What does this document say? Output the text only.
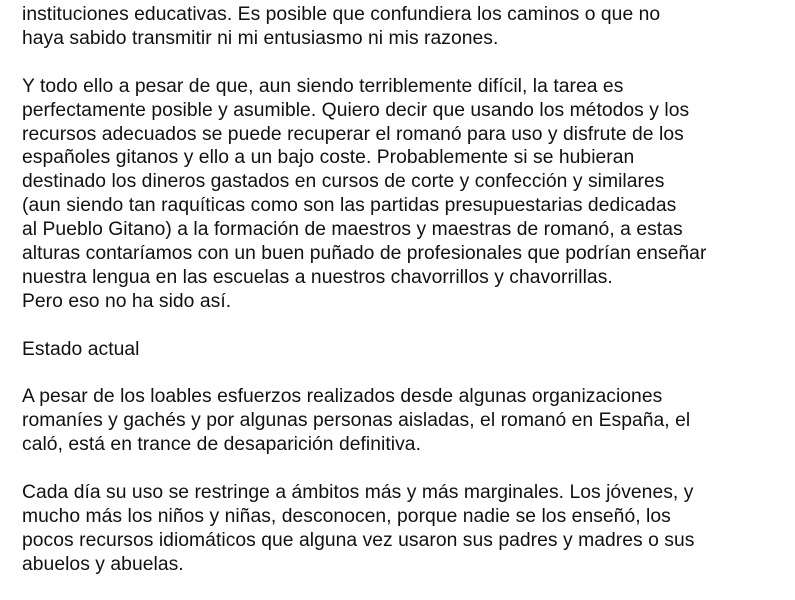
instituciones educativas. Es posible que confundiera los caminos o que no
haya sabido transmitir ni mi entusiasmo ni mis razones.

Y todo ello a pesar de que, aun siendo terriblemente difícil, la tarea es
perfectamente posible y asumible. Quiero decir que usando los métodos y los
recursos adecuados se puede recuperar el romanó para uso y disfrute de los
españoles gitanos y ello a un bajo coste. Probablemente si se hubieran
destinado los dineros gastados en cursos de corte y confección y similares
(aun siendo tan raquíticas como son las partidas presupuestarias dedicadas
al Pueblo Gitano) a la formación de maestros y maestras de romanó, a estas
alturas contaríamos con un buen puñado de profesionales que podrían enseñar
nuestra lengua en las escuelas a nuestros chavorrillos y chavorrillas.
Pero eso no ha sido así.

Estado actual

A pesar de los loables esfuerzos realizados desde algunas organizaciones
romaníes y gachés y por algunas personas aisladas, el romanó en España, el
caló, está en trance de desaparición definitiva.

Cada día su uso se restringe a ámbitos más y más marginales. Los jóvenes, y
mucho más los niños y niñas, desconocen, porque nadie se los enseñó, los
pocos recursos idiomáticos que alguna vez usaron sus padres y madres o sus
abuelos y abuelas.
